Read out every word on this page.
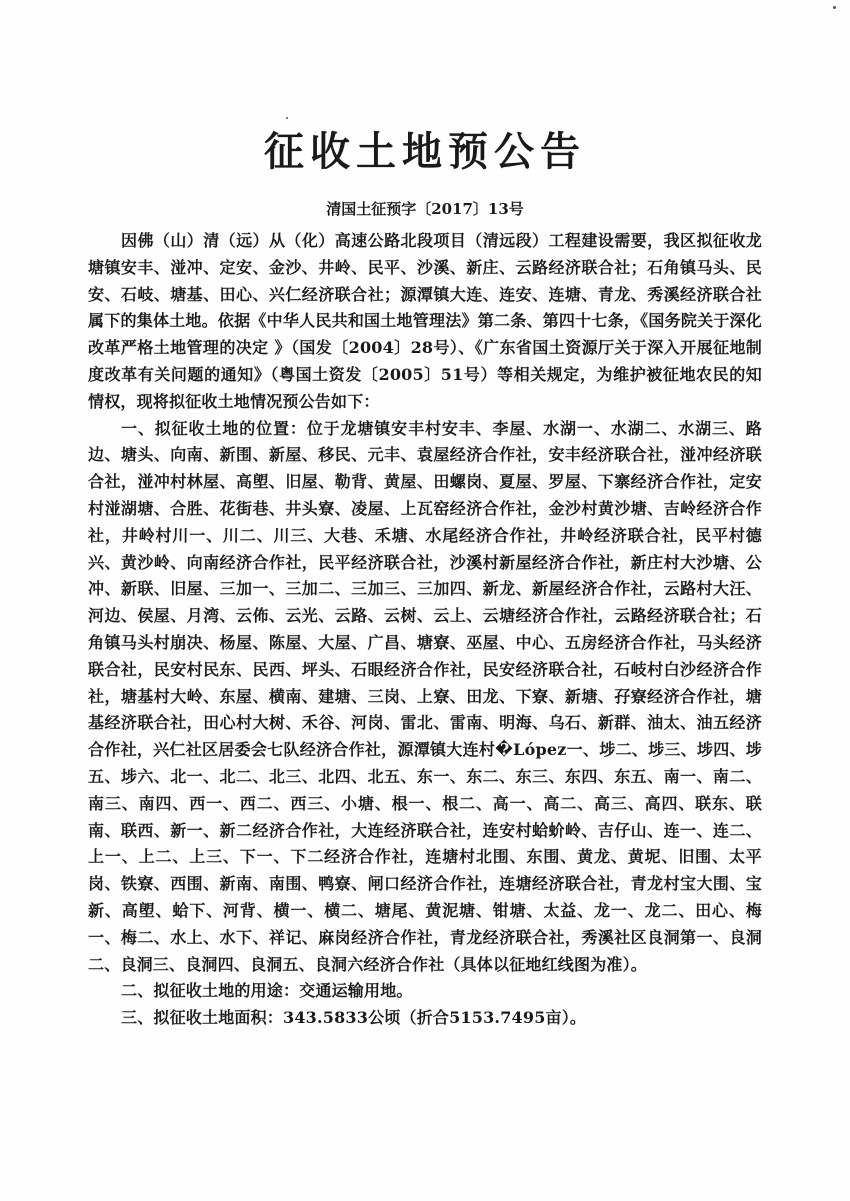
征收土地预公告
清国土征预字〔2017〕13号

因佛（山）清（远）从（化）高速公路北段项目（清远段）工程建设需要，我区拟征收龙塘镇安丰、湴冲、定安、金沙、井岭、民平、沙溪、新庄、云路经济联合社；石角镇马头、民安、石岐、塘基、田心、兴仁经济联合社；源潭镇大连、连安、连塘、青龙、秀溪经济联合社属下的集体土地。依据《中华人民共和国土地管理法》第二条、第四十七条，《国务院关于深化改革严格土地管理的决定 》（国发〔2004〕28号）、《广东省国土资源厅关于深入开展征地制度改革有关问题的通知》（粤国土资发〔2005〕51号）等相关规定，为维护被征地农民的知情权，现将拟征收土地情况预公告如下：

一、拟征收土地的位置：位于龙塘镇安丰村安丰、李屋、水湖一、水湖二、水湖三、路边、塘头、向南、新围、新屋、移民、元丰、袁屋经济合作社，安丰经济联合社，湴冲经济联合社，湴冲村林屋、高塱、旧屋、勒背、黄屋、田螺岗、夏屋、罗屋、下寨经济合作社，定安村湴湖塘、合胜、花街巷、井头寮、凌屋、上瓦窑经济合作社，金沙村黄沙塘、吉岭经济合作社，井岭村川一、川二、川三、大巷、禾塘、水尾经济合作社，井岭经济联合社，民平村德兴、黄沙岭、向南经济合作社，民平经济联合社，沙溪村新屋经济合作社，新庄村大沙塘、公冲、新联、旧屋、三加一、三加二、三加三、三加四、新龙、新屋经济合作社，云路村大汪、河边、侯屋、月湾、云佈、云光、云路、云树、云上、云塘经济合作社，云路经济联合社；石角镇马头村崩决、杨屋、陈屋、大屋、广昌、塘寮、巫屋、中心、五房经济合作社，马头经济联合社，民安村民东、民西、坪头、石眼经济合作社，民安经济联合社，石岐村白沙经济合作社，塘基村大岭、东屋、横南、建塘、三岗、上寮、田龙、下寮、新塘、孖寮经济合作社，塘基经济联合社，田心村大树、禾谷、河岗、雷北、雷南、明海、乌石、新群、油太、油五经济合作社，兴仁社区居委会七队经济合作社，源潭镇大连村�López一、埗二、埗三、埗四、埗五、埗六、北一、北二、北三、北四、北五、东一、东二、东三、东四、东五、南一、南二、南三、南四、西一、西二、西三、小塘、根一、根二、高一、高二、高三、高四、联东、联南、联西、新一、新二经济合作社，大连经济联合社，连安村蛤蚧岭、吉仔山、连一、连二、上一、上二、上三、下一、下二经济合作社，连塘村北围、东围、黄龙、黄坭、旧围、太平岗、铁寮、西围、新南、南围、鸭寮、闸口经济合作社，连塘经济联合社，青龙村宝大围、宝新、高塱、蛤下、河背、横一、横二、塘尾、黄泥塘、钳塘、太益、龙一、龙二、田心、梅一、梅二、水上、水下、祥记、麻岗经济合作社，青龙经济联合社，秀溪社区良洞第一、良洞二、良洞三、良洞四、良洞五、良洞六经济合作社（具体以征地红线图为准）。

二、拟征收土地的用途：交通运输用地。

三、拟征收土地面积：343.5833公顷（折合5153.7495亩）。
